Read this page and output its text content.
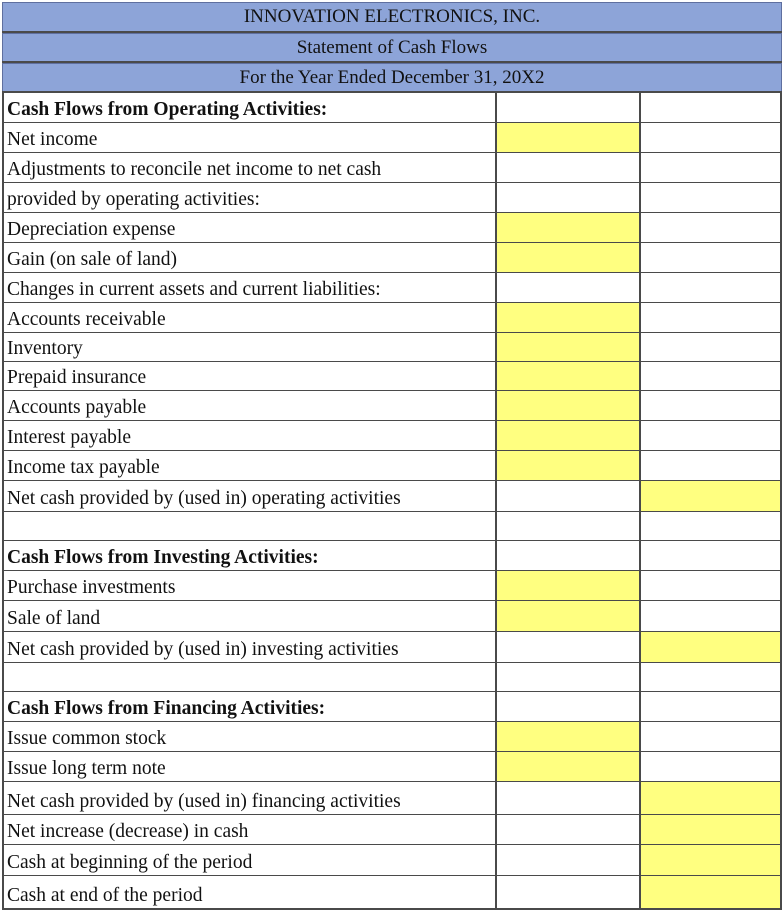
INNOVATION ELECTRONICS, INC.
Statement of Cash Flows
For the Year Ended December 31, 20X2
Cash Flows from Operating Activities:
Net income
Adjustments to reconcile net income to net cash
provided by operating activities:
Depreciation expense
Gain (on sale of land)
Changes in current assets and current liabilities:
Accounts receivable
Inventory
Prepaid insurance
Accounts payable
Interest payable
Income tax payable
Net cash provided by (used in) operating activities
Cash Flows from Investing Activities:
Purchase investments
Sale of land
Net cash provided by (used in) investing activities
Cash Flows from Financing Activities:
Issue common stock
Issue long term note
Net cash provided by (used in) financing activities
Net increase (decrease) in cash
Cash at beginning of the period
Cash at end of the period
